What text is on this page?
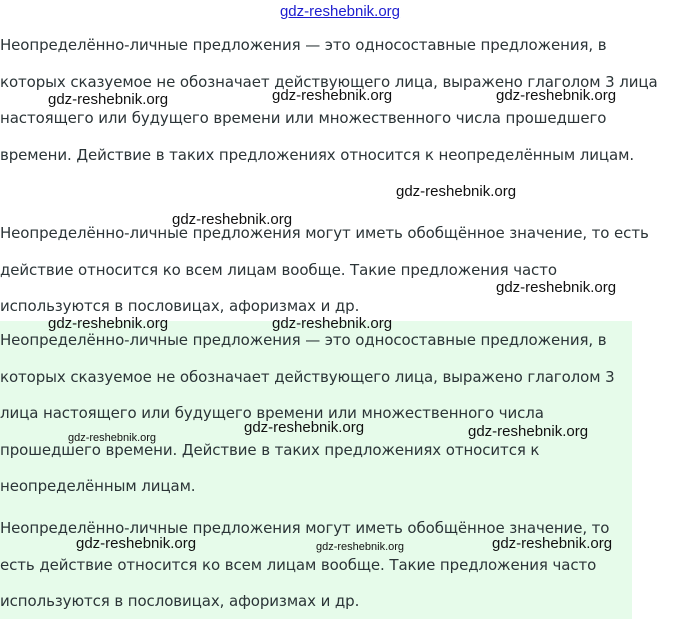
gdz-reshebnik.org

Неопределённо-личные предложения — это односоставные предложения, в которых сказуемое не обозначает действующего лица, выражено глаголом 3 лица настоящего или будущего времени или множественного числа прошедшего времени. Действие в таких предложениях относится к неопределённым лицам.

Неопределённо-личные предложения могут иметь обобщённое значение, то есть действие относится ко всем лицам вообще. Такие предложения часто используются в пословицах, афоризмах и др.

Неопределённо-личные предложения — это односоставные предложения, в которых сказуемое не обозначает действующего лица, выражено глаголом 3 лица настоящего или будущего времени или множественного числа прошедшего времени. Действие в таких предложениях относится к неопределённым лицам.

Неопределённо-личные предложения могут иметь обобщённое значение, то есть действие относится ко всем лицам вообще. Такие предложения часто используются в пословицах, афоризмах и др.

gdz-reshebnik.org	gdz-reshebnik.org	gdz-reshebnik.org
gdz-reshebnik.org
gdz-reshebnik.org
gdz-reshebnik.org
gdz-reshebnik.org	gdz-reshebnik.org
gdz-reshebnik.org
gdz-reshebnik.org	gdz-reshebnik.org
gdz-reshebnik.org	gdz-reshebnik.org	gdz-reshebnik.org
